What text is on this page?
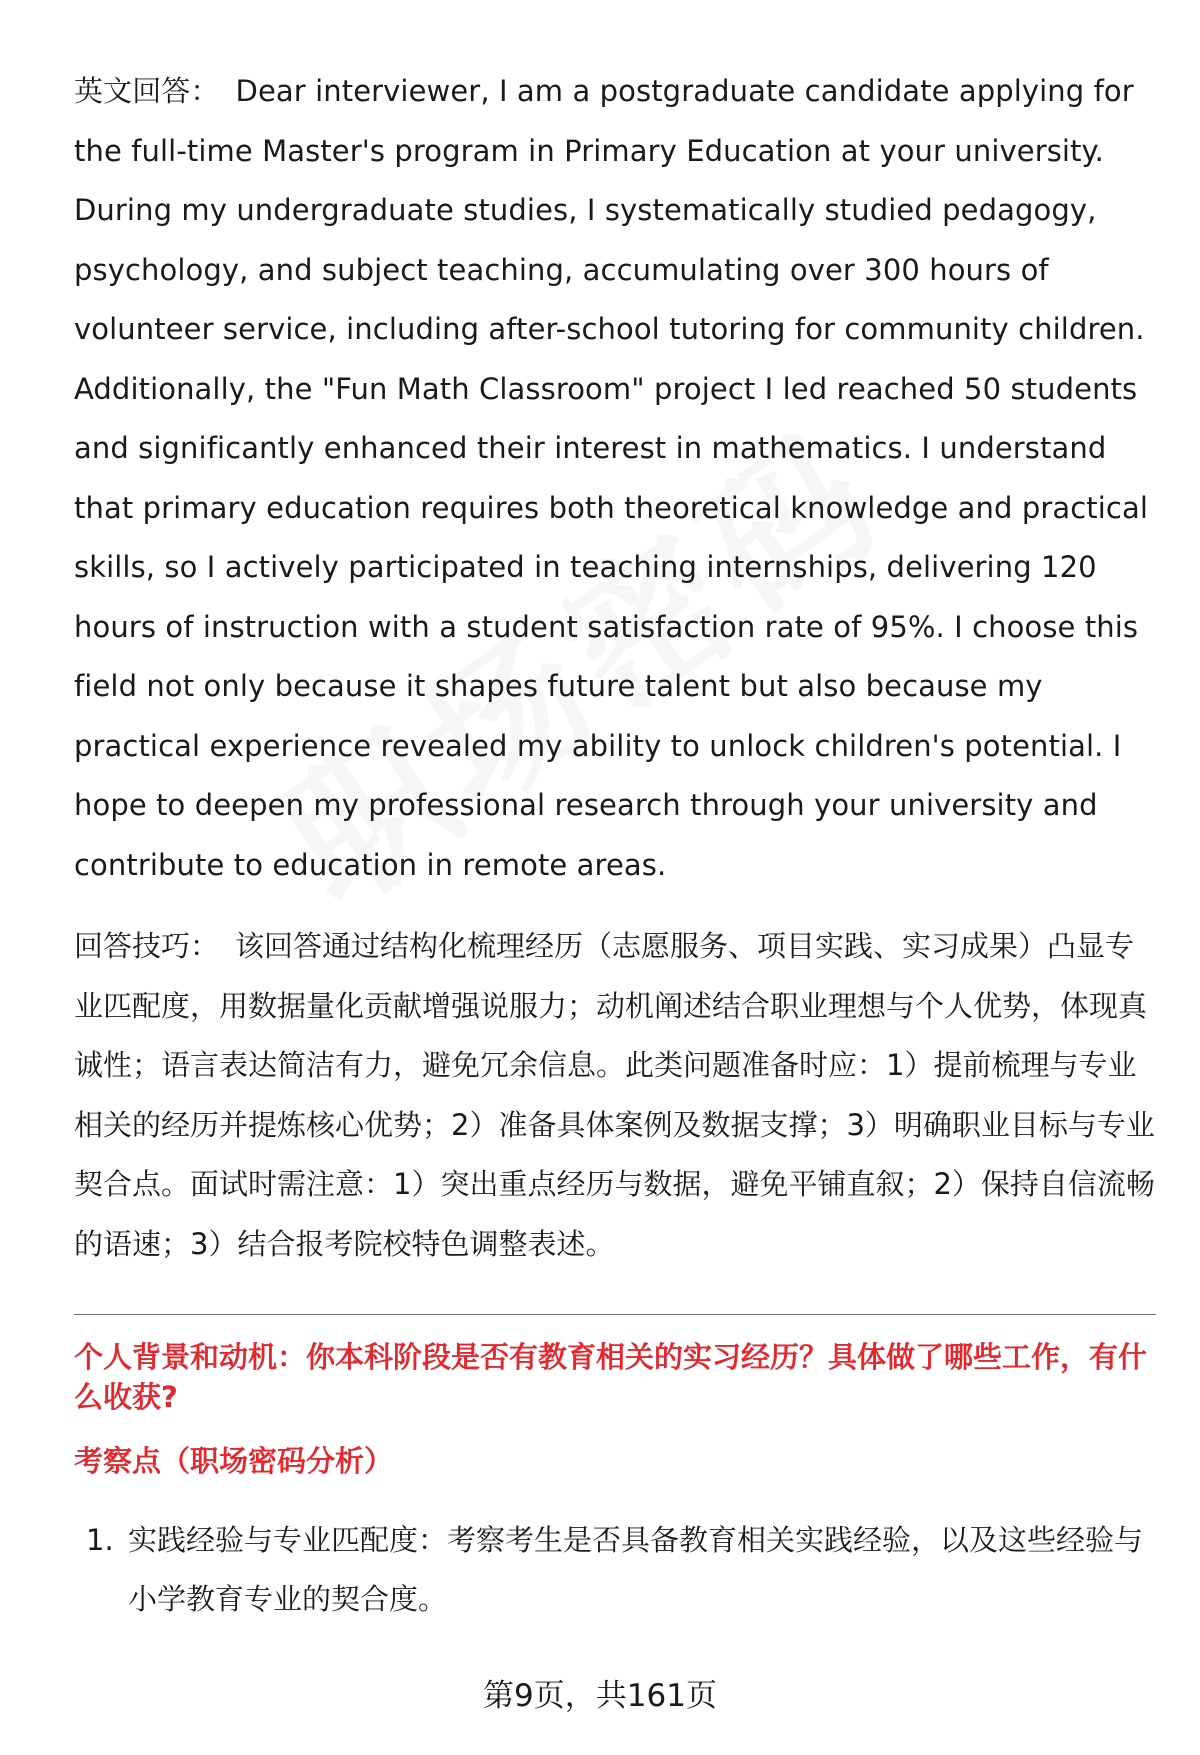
英文回答： Dear interviewer, I am a postgraduate candidate applying for the full-time Master's program in Primary Education at your university. During my undergraduate studies, I systematically studied pedagogy, psychology, and subject teaching, accumulating over 300 hours of volunteer service, including after-school tutoring for community children. Additionally, the "Fun Math Classroom" project I led reached 50 students and significantly enhanced their interest in mathematics. I understand that primary education requires both theoretical knowledge and practical skills, so I actively participated in teaching internships, delivering 120 hours of instruction with a student satisfaction rate of 95%. I choose this field not only because it shapes future talent but also because my practical experience revealed my ability to unlock children's potential. I hope to deepen my professional research through your university and contribute to education in remote areas.

回答技巧： 该回答通过结构化梳理经历（志愿服务、项目实践、实习成果）凸显专业匹配度，用数据量化贡献增强说服力；动机阐述结合职业理想与个人优势，体现真诚性；语言表达简洁有力，避免冗余信息。此类问题准备时应：1）提前梳理与专业相关的经历并提炼核心优势；2）准备具体案例及数据支撑；3）明确职业目标与专业契合点。面试时需注意：1）突出重点经历与数据，避免平铺直叙；2）保持自信流畅的语速；3）结合报考院校特色调整表述。

个人背景和动机：你本科阶段是否有教育相关的实习经历？具体做了哪些工作，有什么收获?
考察点（职场密码分析）
1. 实践经验与专业匹配度：考察考生是否具备教育相关实践经验，以及这些经验与小学教育专业的契合度。
第9页，共161页
